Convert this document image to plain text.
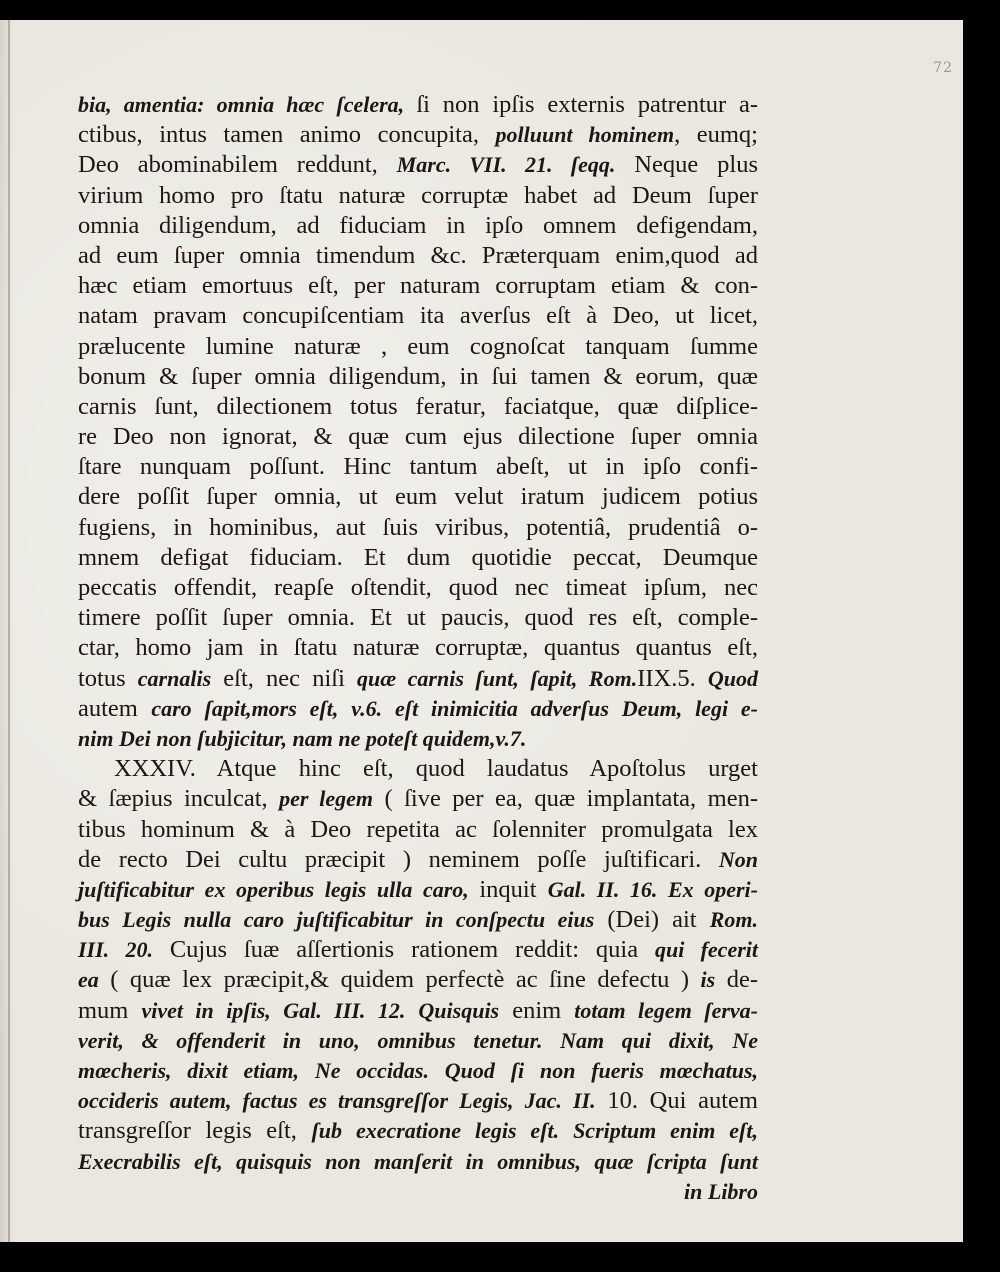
72
bia, amentia: omnia hæc ſcelera, ſi non ipſis externis patrentur a-
ctibus, intus tamen animo concupita, polluunt hominem, eumq;
Deo abominabilem reddunt, Marc. VII. 21. ſeqq. Neque plus
virium homo pro ſtatu naturæ corruptæ habet ad Deum ſuper
omnia diligendum, ad fiduciam in ipſo omnem defigendam,
ad eum ſuper omnia timendum &c. Præterquam enim,quod ad
hæc etiam emortuus eſt, per naturam corruptam etiam & con-
natam pravam concupiſcentiam ita averſus eſt à Deo, ut licet,
prælucente lumine naturæ , eum cognoſcat tanquam ſumme
bonum & ſuper omnia diligendum, in ſui tamen & eorum, quæ
carnis ſunt, dilectionem totus feratur, faciatque, quæ diſplice-
re Deo non ignorat, & quæ cum ejus dilectione ſuper omnia
ſtare nunquam poſſunt. Hinc tantum abeſt, ut in ipſo confi-
dere poſſit ſuper omnia, ut eum velut iratum judicem potius
fugiens, in hominibus, aut ſuis viribus, potentiâ, prudentiâ o-
mnem defigat fiduciam. Et dum quotidie peccat, Deumque
peccatis offendit, reapſe oſtendit, quod nec timeat ipſum, nec
timere poſſit ſuper omnia. Et ut paucis, quod res eſt, comple-
ctar, homo jam in ſtatu naturæ corruptæ, quantus quantus eſt,
totus carnalis eſt, nec niſi quæ carnis ſunt, ſapit, Rom.IIX.5. Quod
autem caro ſapit,mors eſt, v.6. eſt inimicitia adverſus Deum, legi e-
nim Dei non ſubjicitur, nam ne poteſt quidem,v.7.
XXXIV. Atque hinc eſt, quod laudatus Apoſtolus urget
& ſæpius inculcat, per legem ( ſive per ea, quæ implantata, men-
tibus hominum & à Deo repetita ac ſolenniter promulgata lex
de recto Dei cultu præcipit ) neminem poſſe juſtificari. Non
juſtificabitur ex operibus legis ulla caro, inquit Gal. II. 16. Ex operi-
bus Legis nulla caro juſtificabitur in conſpectu eius (Dei) ait Rom.
III. 20. Cujus ſuæ aſſertionis rationem reddit: quia qui fecerit
ea ( quæ lex præcipit,& quidem perfectè ac ſine defectu ) is de-
mum vivet in ipſis, Gal. III. 12. Quisquis enim totam legem ſerva-
verit, & offenderit in uno, omnibus tenetur. Nam qui dixit, Ne
mœcheris, dixit etiam, Ne occidas. Quod ſi non fueris mœchatus,
occideris autem, factus es transgreſſor Legis, Jac. II. 10. Qui autem
transgreſſor legis eſt, ſub execratione legis eſt. Scriptum enim eſt,
Execrabilis eſt, quisquis non manſerit in omnibus, quæ ſcripta ſunt
in Libro
